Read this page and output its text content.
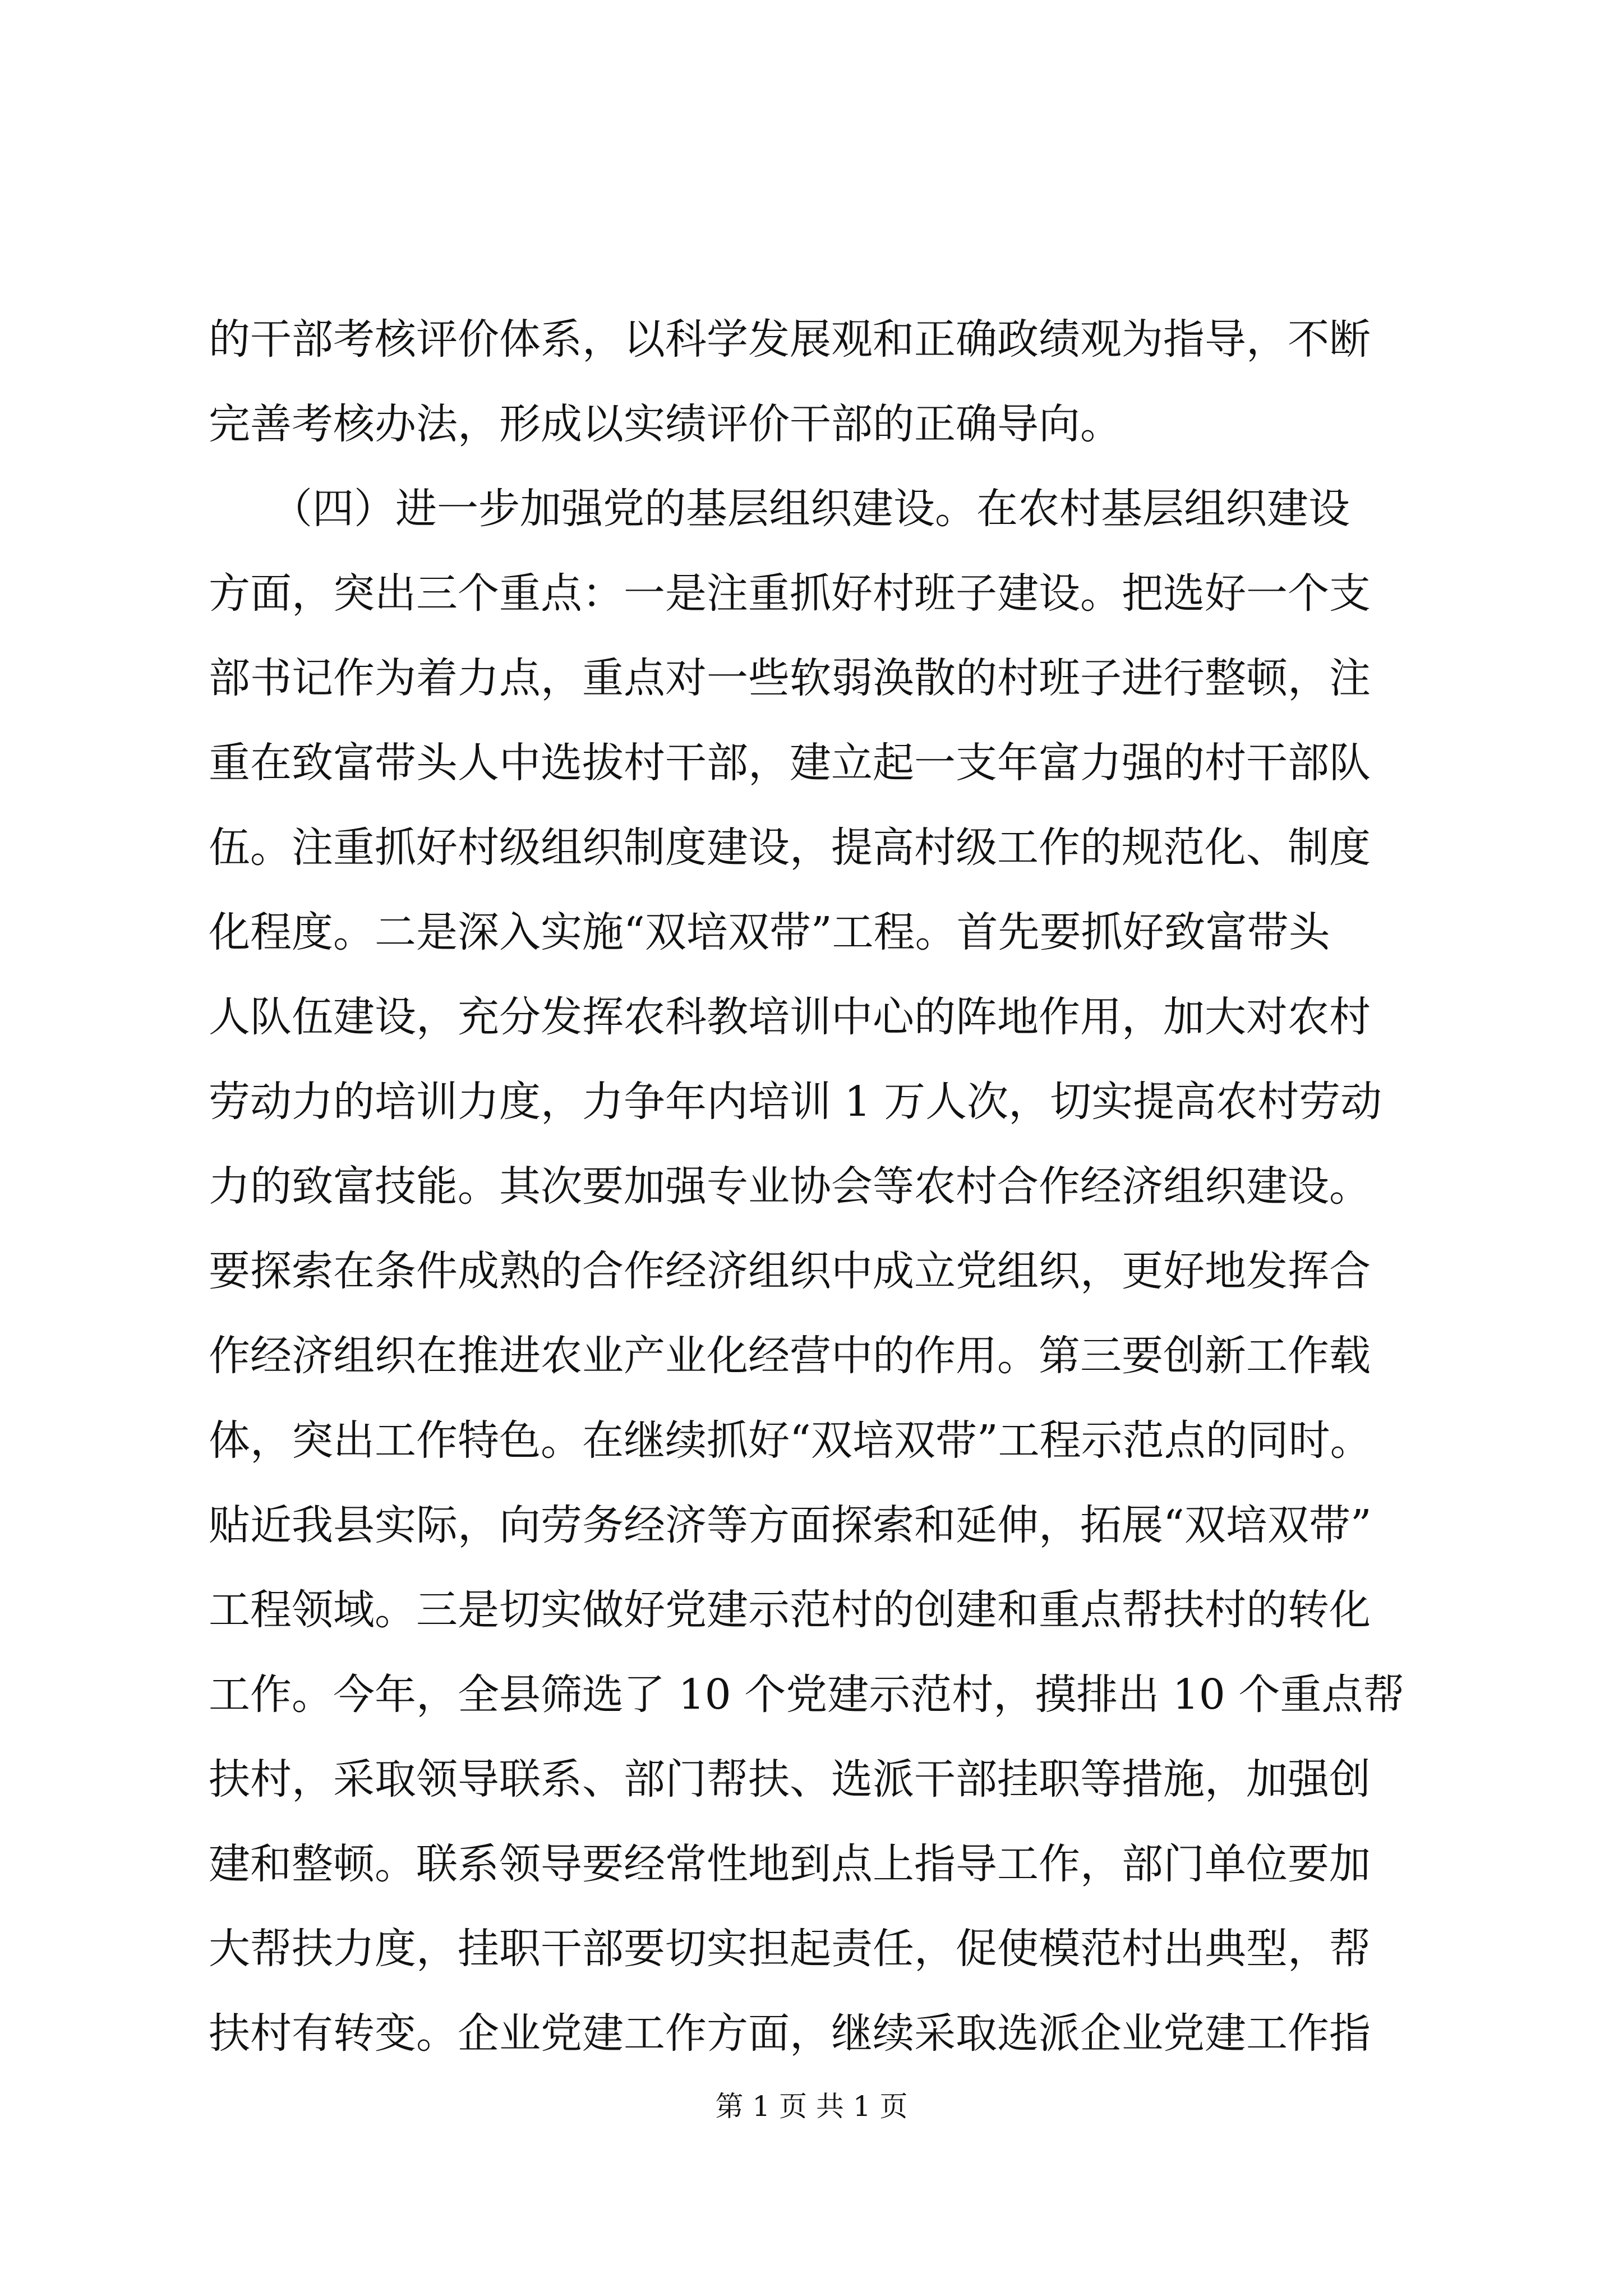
的干部考核评价体系，以科学发展观和正确政绩观为指导，不断
完善考核办法，形成以实绩评价干部的正确导向。
　　（四）进一步加强党的基层组织建设。在农村基层组织建设
方面，突出三个重点：一是注重抓好村班子建设。把选好一个支
部书记作为着力点，重点对一些软弱涣散的村班子进行整顿，注
重在致富带头人中选拔村干部，建立起一支年富力强的村干部队
伍。注重抓好村级组织制度建设，提高村级工作的规范化、制度
化程度。二是深入实施“双培双带”工程。首先要抓好致富带头
人队伍建设，充分发挥农科教培训中心的阵地作用，加大对农村
劳动力的培训力度，力争年内培训 1 万人次，切实提高农村劳动
力的致富技能。其次要加强专业协会等农村合作经济组织建设。
要探索在条件成熟的合作经济组织中成立党组织，更好地发挥合
作经济组织在推进农业产业化经营中的作用。第三要创新工作载
体，突出工作特色。在继续抓好“双培双带”工程示范点的同时。
贴近我县实际，向劳务经济等方面探索和延伸，拓展“双培双带”
工程领域。三是切实做好党建示范村的创建和重点帮扶村的转化
工作。今年，全县筛选了 10 个党建示范村，摸排出 10 个重点帮
扶村，采取领导联系、部门帮扶、选派干部挂职等措施，加强创
建和整顿。联系领导要经常性地到点上指导工作，部门单位要加
大帮扶力度，挂职干部要切实担起责任，促使模范村出典型，帮
扶村有转变。企业党建工作方面，继续采取选派企业党建工作指
第 1 页 共 1 页
